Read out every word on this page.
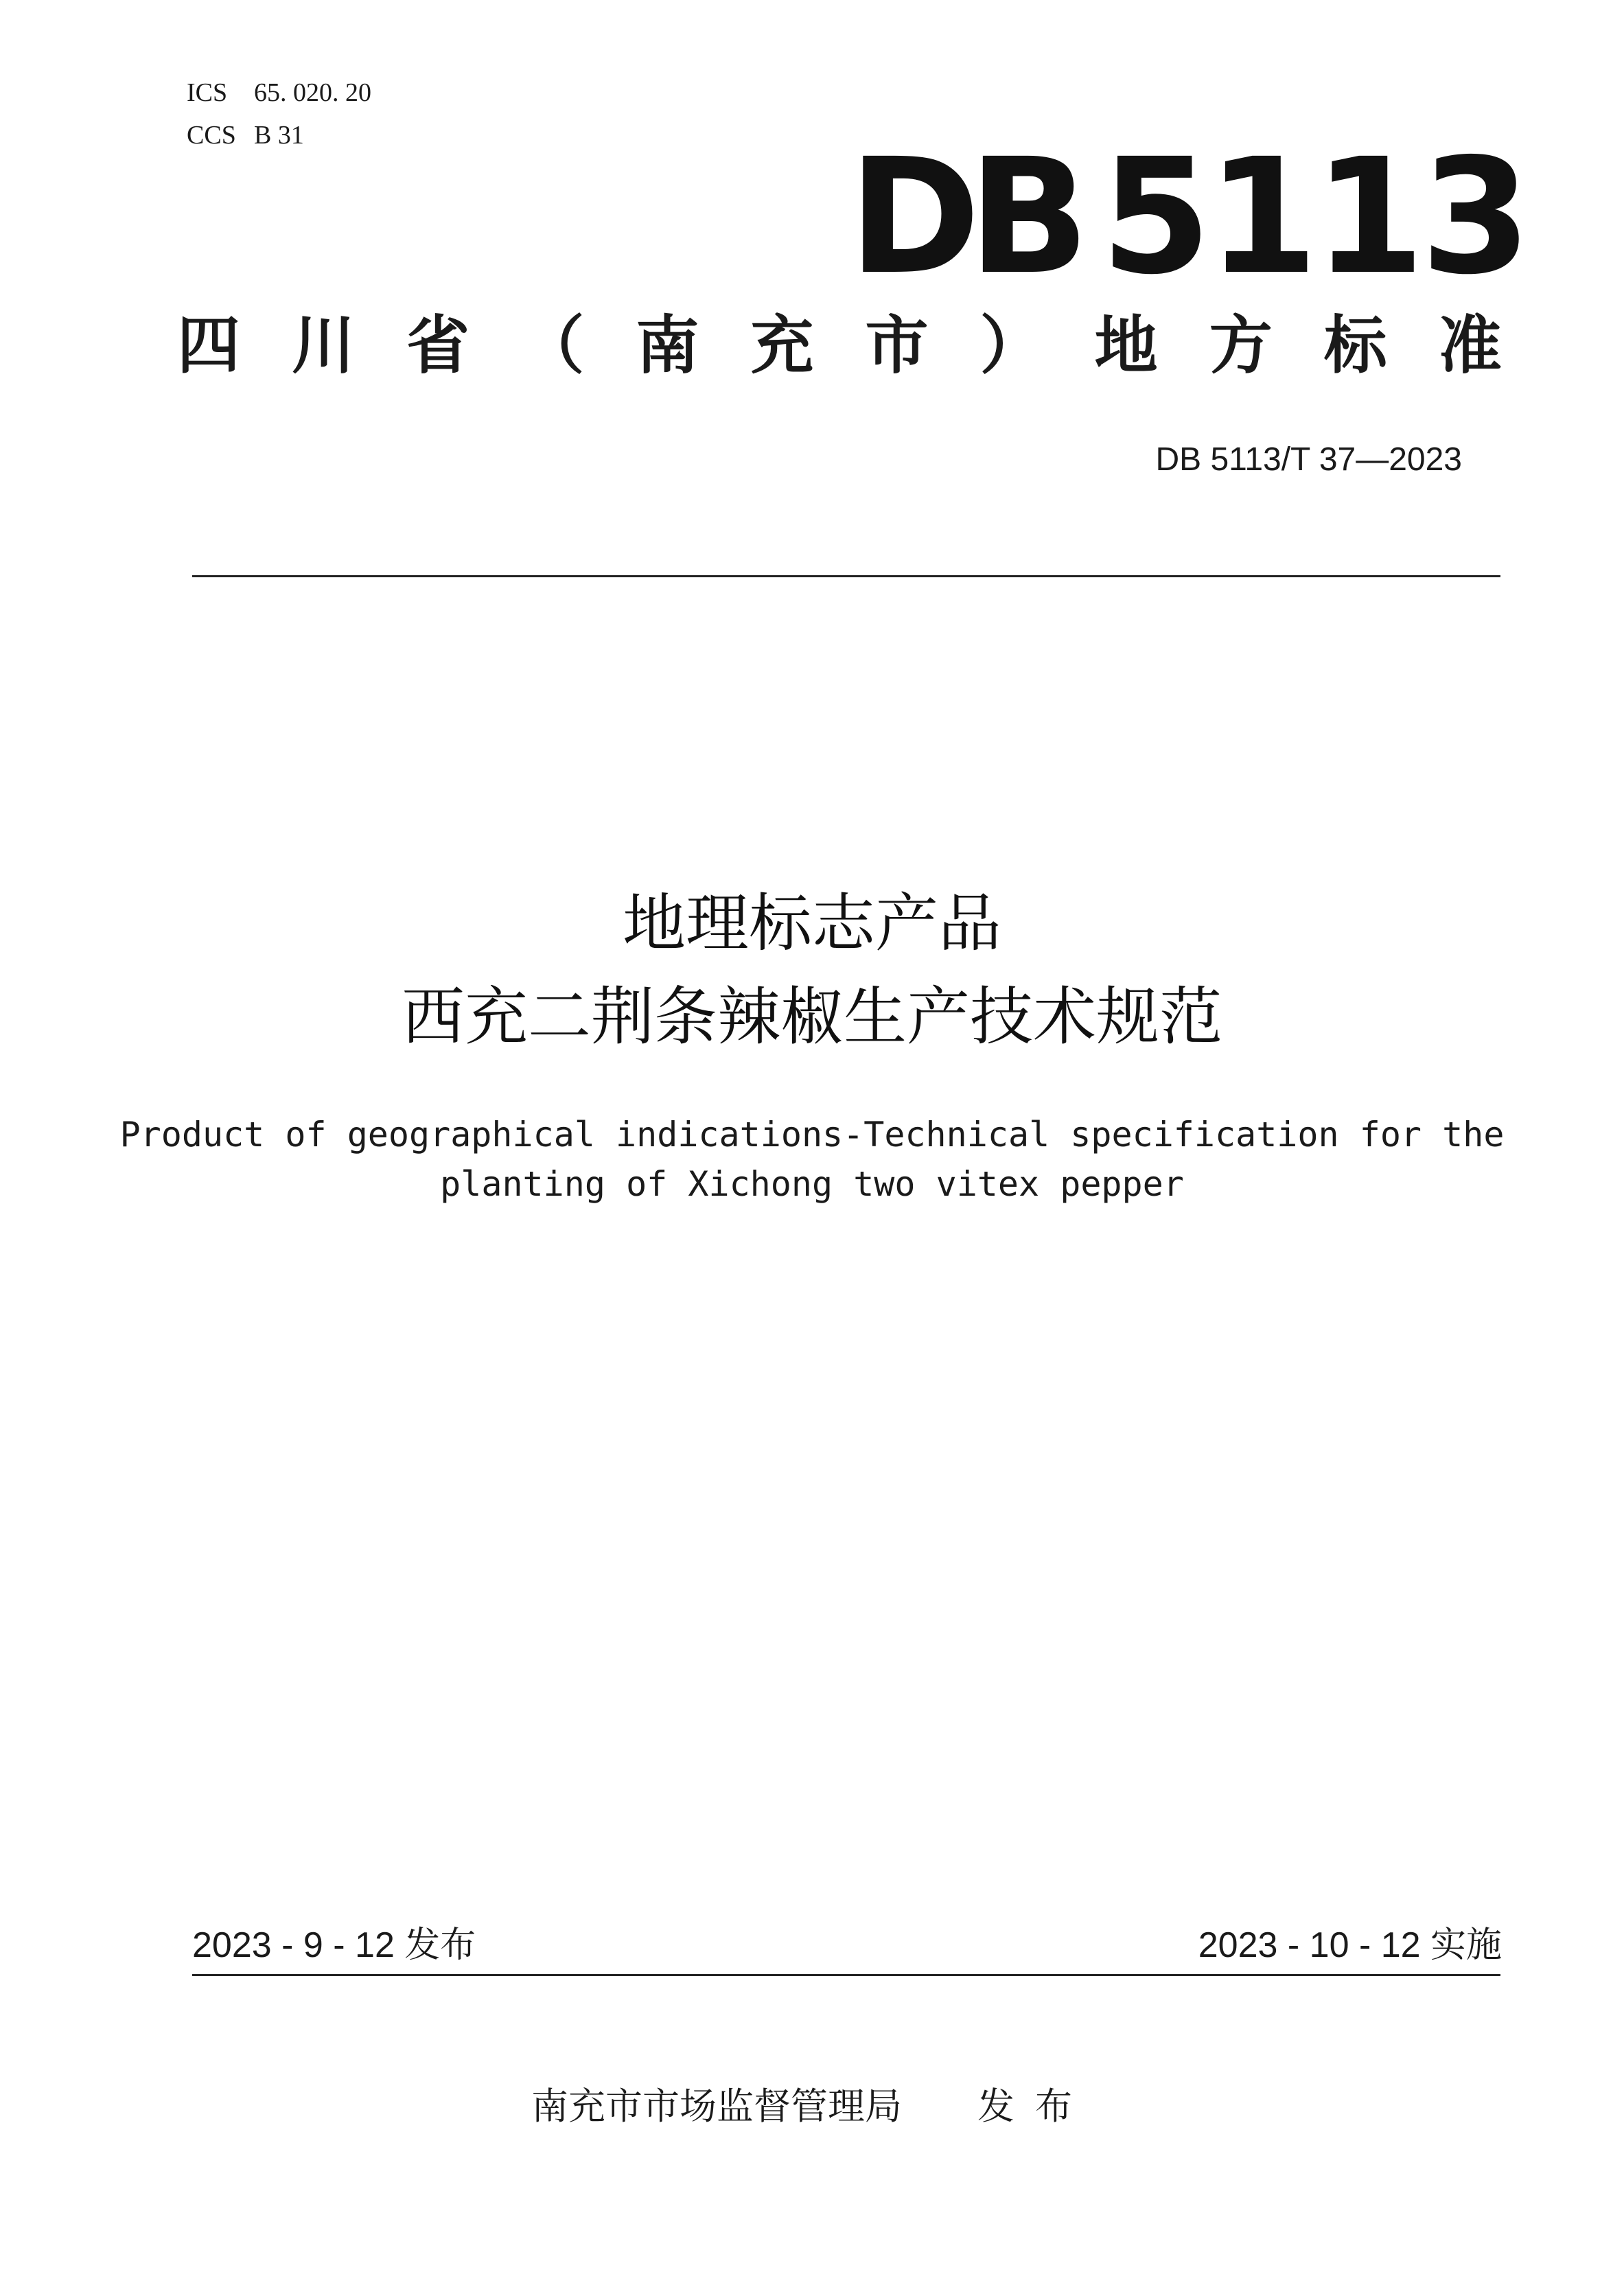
ICS 65. 020. 20
CCS B 31	DB 5113
四 川 省 （ 南 充 市 ） 地 方 标 准
DB 5113/T 37—2023
地理标志产品
西充二荆条辣椒生产技术规范
Product of geographical indications-Technical specification for the
planting of Xichong two vitex pepper
2023 - 9 - 12 发布	2023 - 10 - 12 实施
南充市市场监督管理局 发布
